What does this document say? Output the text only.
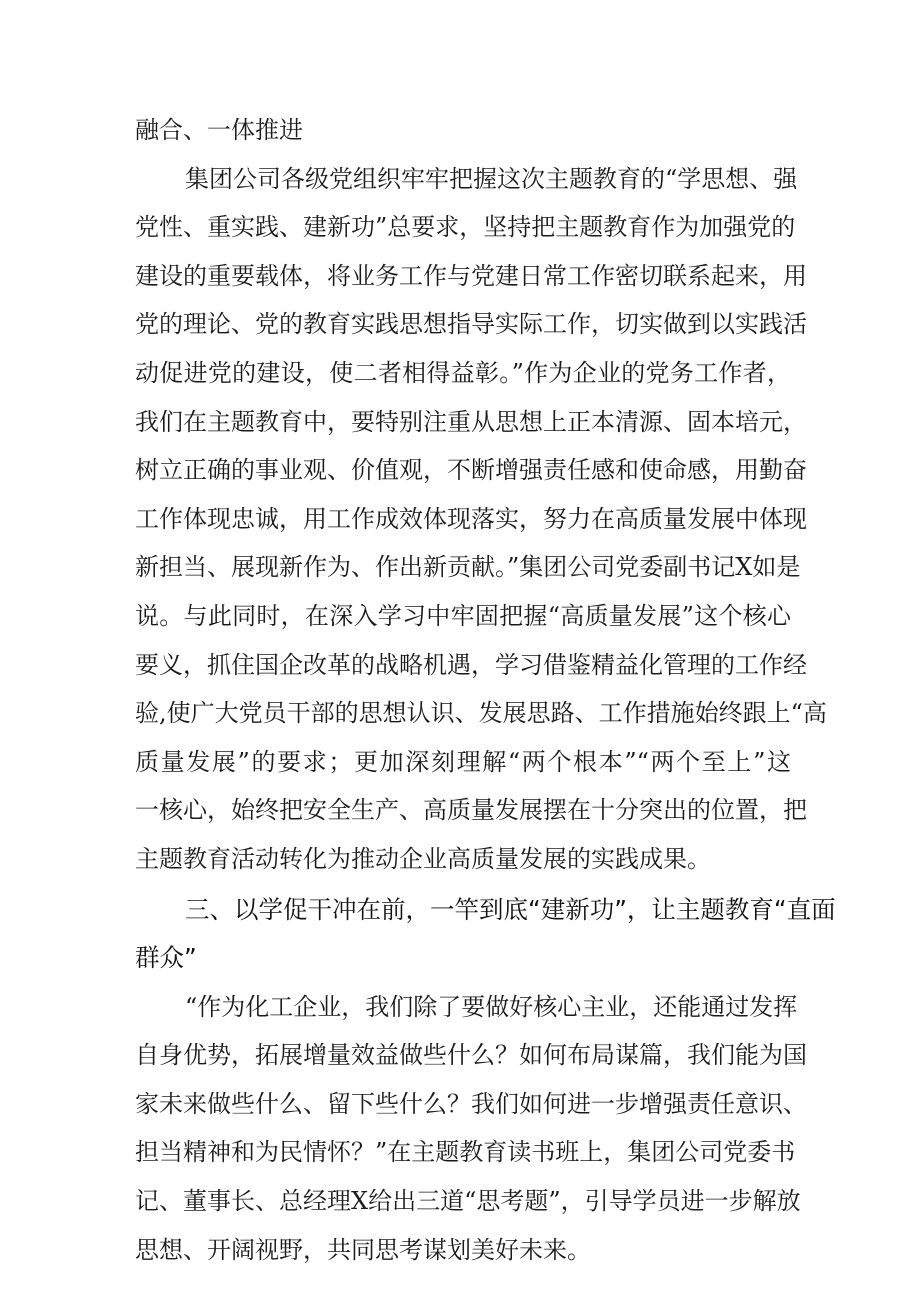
融合、一体推进
集团公司各级党组织牢牢把握这次主题教育的“学思想、强
党性、重实践、建新功”总要求，坚持把主题教育作为加强党的
建设的重要载体，将业务工作与党建日常工作密切联系起来，用
党的理论、党的教育实践思想指导实际工作，切实做到以实践活
动促进党的建设，使二者相得益彰。”作为企业的党务工作者，
我们在主题教育中，要特别注重从思想上正本清源、固本培元，
树立正确的事业观、价值观，不断增强责任感和使命感，用勤奋
工作体现忠诚，用工作成效体现落实，努力在高质量发展中体现
新担当、展现新作为、作出新贡献。”集团公司党委副书记X如是
说。与此同时，在深入学习中牢固把握“高质量发展”这个核心
要义，抓住国企改革的战略机遇，学习借鉴精益化管理的工作经
验,使广大党员干部的思想认识、发展思路、工作措施始终跟上“高
质量发展”的要求；更加深刻理解“两个根本”“两个至上”这
一核心，始终把安全生产、高质量发展摆在十分突出的位置，把
主题教育活动转化为推动企业高质量发展的实践成果。
三、以学促干冲在前，一竿到底“建新功”，让主题教育“直面
群众”
“作为化工企业，我们除了要做好核心主业，还能通过发挥
自身优势，拓展增量效益做些什么？如何布局谋篇，我们能为国
家未来做些什么、留下些什么？我们如何进一步增强责任意识、
担当精神和为民情怀？”在主题教育读书班上，集团公司党委书
记、董事长、总经理X给出三道“思考题”，引导学员进一步解放
思想、开阔视野，共同思考谋划美好未来。
